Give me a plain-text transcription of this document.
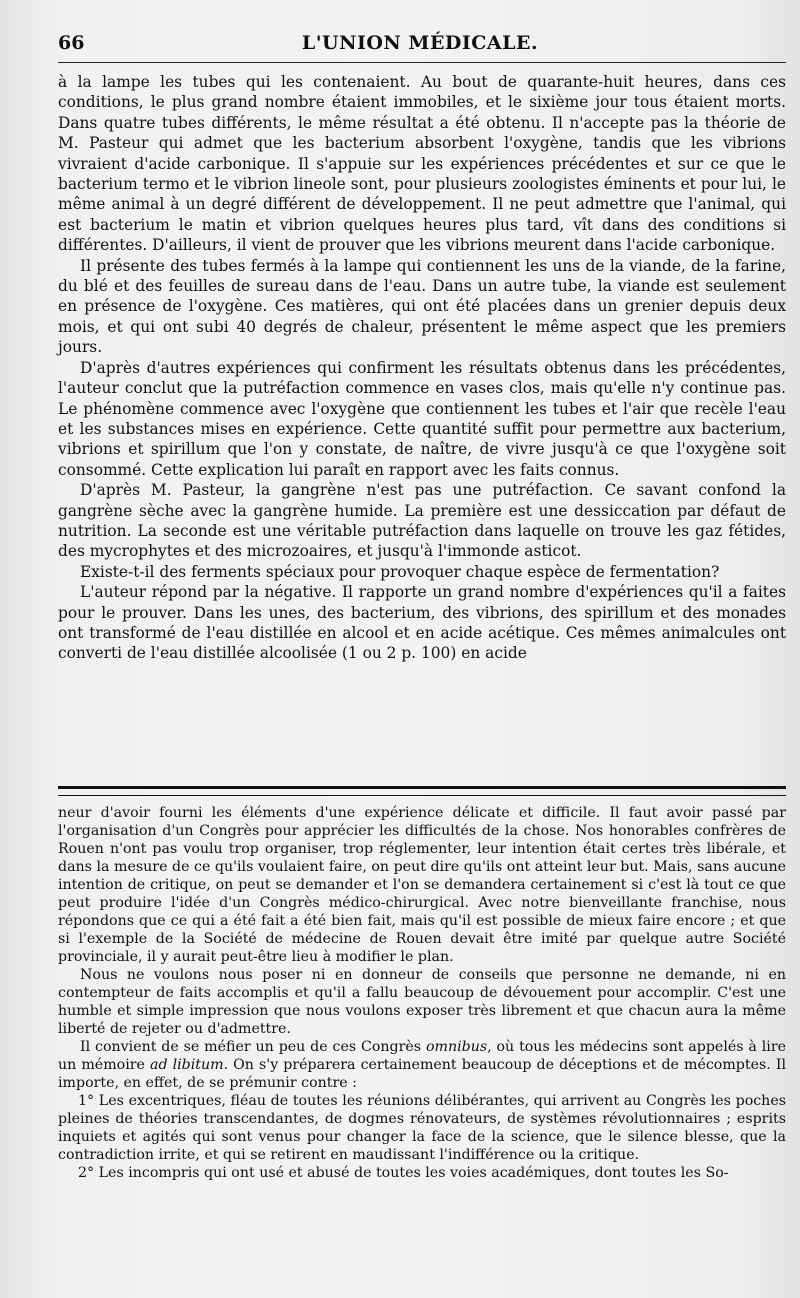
66	L'UNION MÉDICALE.

à la lampe les tubes qui les contenaient. Au bout de quarante-huit heures, dans ces conditions, le plus grand nombre étaient immobiles, et le sixième jour tous étaient morts. Dans quatre tubes différents, le même résultat a été obtenu. Il n'accepte pas la théorie de M. Pasteur qui admet que les bacterium absorbent l'oxygène, tandis que les vibrions vivraient d'acide carbonique. Il s'appuie sur les expériences précédentes et sur ce que le bacterium termo et le vibrion lineole sont, pour plusieurs zoologistes éminents et pour lui, le même animal à un degré différent de développement. Il ne peut admettre que l'animal, qui est bacterium le matin et vibrion quelques heures plus tard, vît dans des conditions si différentes. D'ailleurs, il vient de prouver que les vibrions meurent dans l'acide carbonique.

Il présente des tubes fermés à la lampe qui contiennent les uns de la viande, de la farine, du blé et des feuilles de sureau dans de l'eau. Dans un autre tube, la viande est seulement en présence de l'oxygène. Ces matières, qui ont été placées dans un grenier depuis deux mois, et qui ont subi 40 degrés de chaleur, présentent le même aspect que les premiers jours.

D'après d'autres expériences qui confirment les résultats obtenus dans les précédentes, l'auteur conclut que la putréfaction commence en vases clos, mais qu'elle n'y continue pas. Le phénomène commence avec l'oxygène que contiennent les tubes et l'air que recèle l'eau et les substances mises en expérience. Cette quantité suffit pour permettre aux bacterium, vibrions et spirillum que l'on y constate, de naître, de vivre jusqu'à ce que l'oxygène soit consommé. Cette explication lui paraît en rapport avec les faits connus.

D'après M. Pasteur, la gangrène n'est pas une putréfaction. Ce savant confond la gangrène sèche avec la gangrène humide. La première est une dessiccation par défaut de nutrition. La seconde est une véritable putréfaction dans laquelle on trouve les gaz fétides, des mycrophytes et des microzoaires, et jusqu'à l'immonde asticot.

Existe-t-il des ferments spéciaux pour provoquer chaque espèce de fermentation?

L'auteur répond par la négative. Il rapporte un grand nombre d'expériences qu'il a faites pour le prouver. Dans les unes, des bacterium, des vibrions, des spirillum et des monades ont transformé de l'eau distillée en alcool et en acide acétique. Ces mêmes animalcules ont converti de l'eau distillée alcoolisée (1 ou 2 p. 100) en acide

neur d'avoir fourni les éléments d'une expérience délicate et difficile. Il faut avoir passé par l'organisation d'un Congrès pour apprécier les difficultés de la chose. Nos honorables confrères de Rouen n'ont pas voulu trop organiser, trop réglementer, leur intention était certes très libérale, et dans la mesure de ce qu'ils voulaient faire, on peut dire qu'ils ont atteint leur but. Mais, sans aucune intention de critique, on peut se demander et l'on se demandera certainement si c'est là tout ce que peut produire l'idée d'un Congrès médico-chirurgical. Avec notre bienveillante franchise, nous répondons que ce qui a été fait a été bien fait, mais qu'il est possible de mieux faire encore ; et que si l'exemple de la Société de médecine de Rouen devait être imité par quelque autre Société provinciale, il y aurait peut-être lieu à modifier le plan.

Nous ne voulons nous poser ni en donneur de conseils que personne ne demande, ni en contempteur de faits accomplis et qu'il a fallu beaucoup de dévouement pour accomplir. C'est une humble et simple impression que nous voulons exposer très librement et que chacun aura la même liberté de rejeter ou d'admettre.

Il convient de se méfier un peu de ces Congrès omnibus, où tous les médecins sont appelés à lire un mémoire ad libitum. On s'y préparera certainement beaucoup de déceptions et de mécomptes. Il importe, en effet, de se prémunir contre :

1° Les excentriques, fléau de toutes les réunions délibérantes, qui arrivent au Congrès les poches pleines de théories transcendantes, de dogmes rénovateurs, de systèmes révolutionnaires ; esprits inquiets et agités qui sont venus pour changer la face de la science, que le silence blesse, que la contradiction irrite, et qui se retirent en maudissant l'indifférence ou la critique.

2° Les incompris qui ont usé et abusé de toutes les voies académiques, dont toutes les So-
